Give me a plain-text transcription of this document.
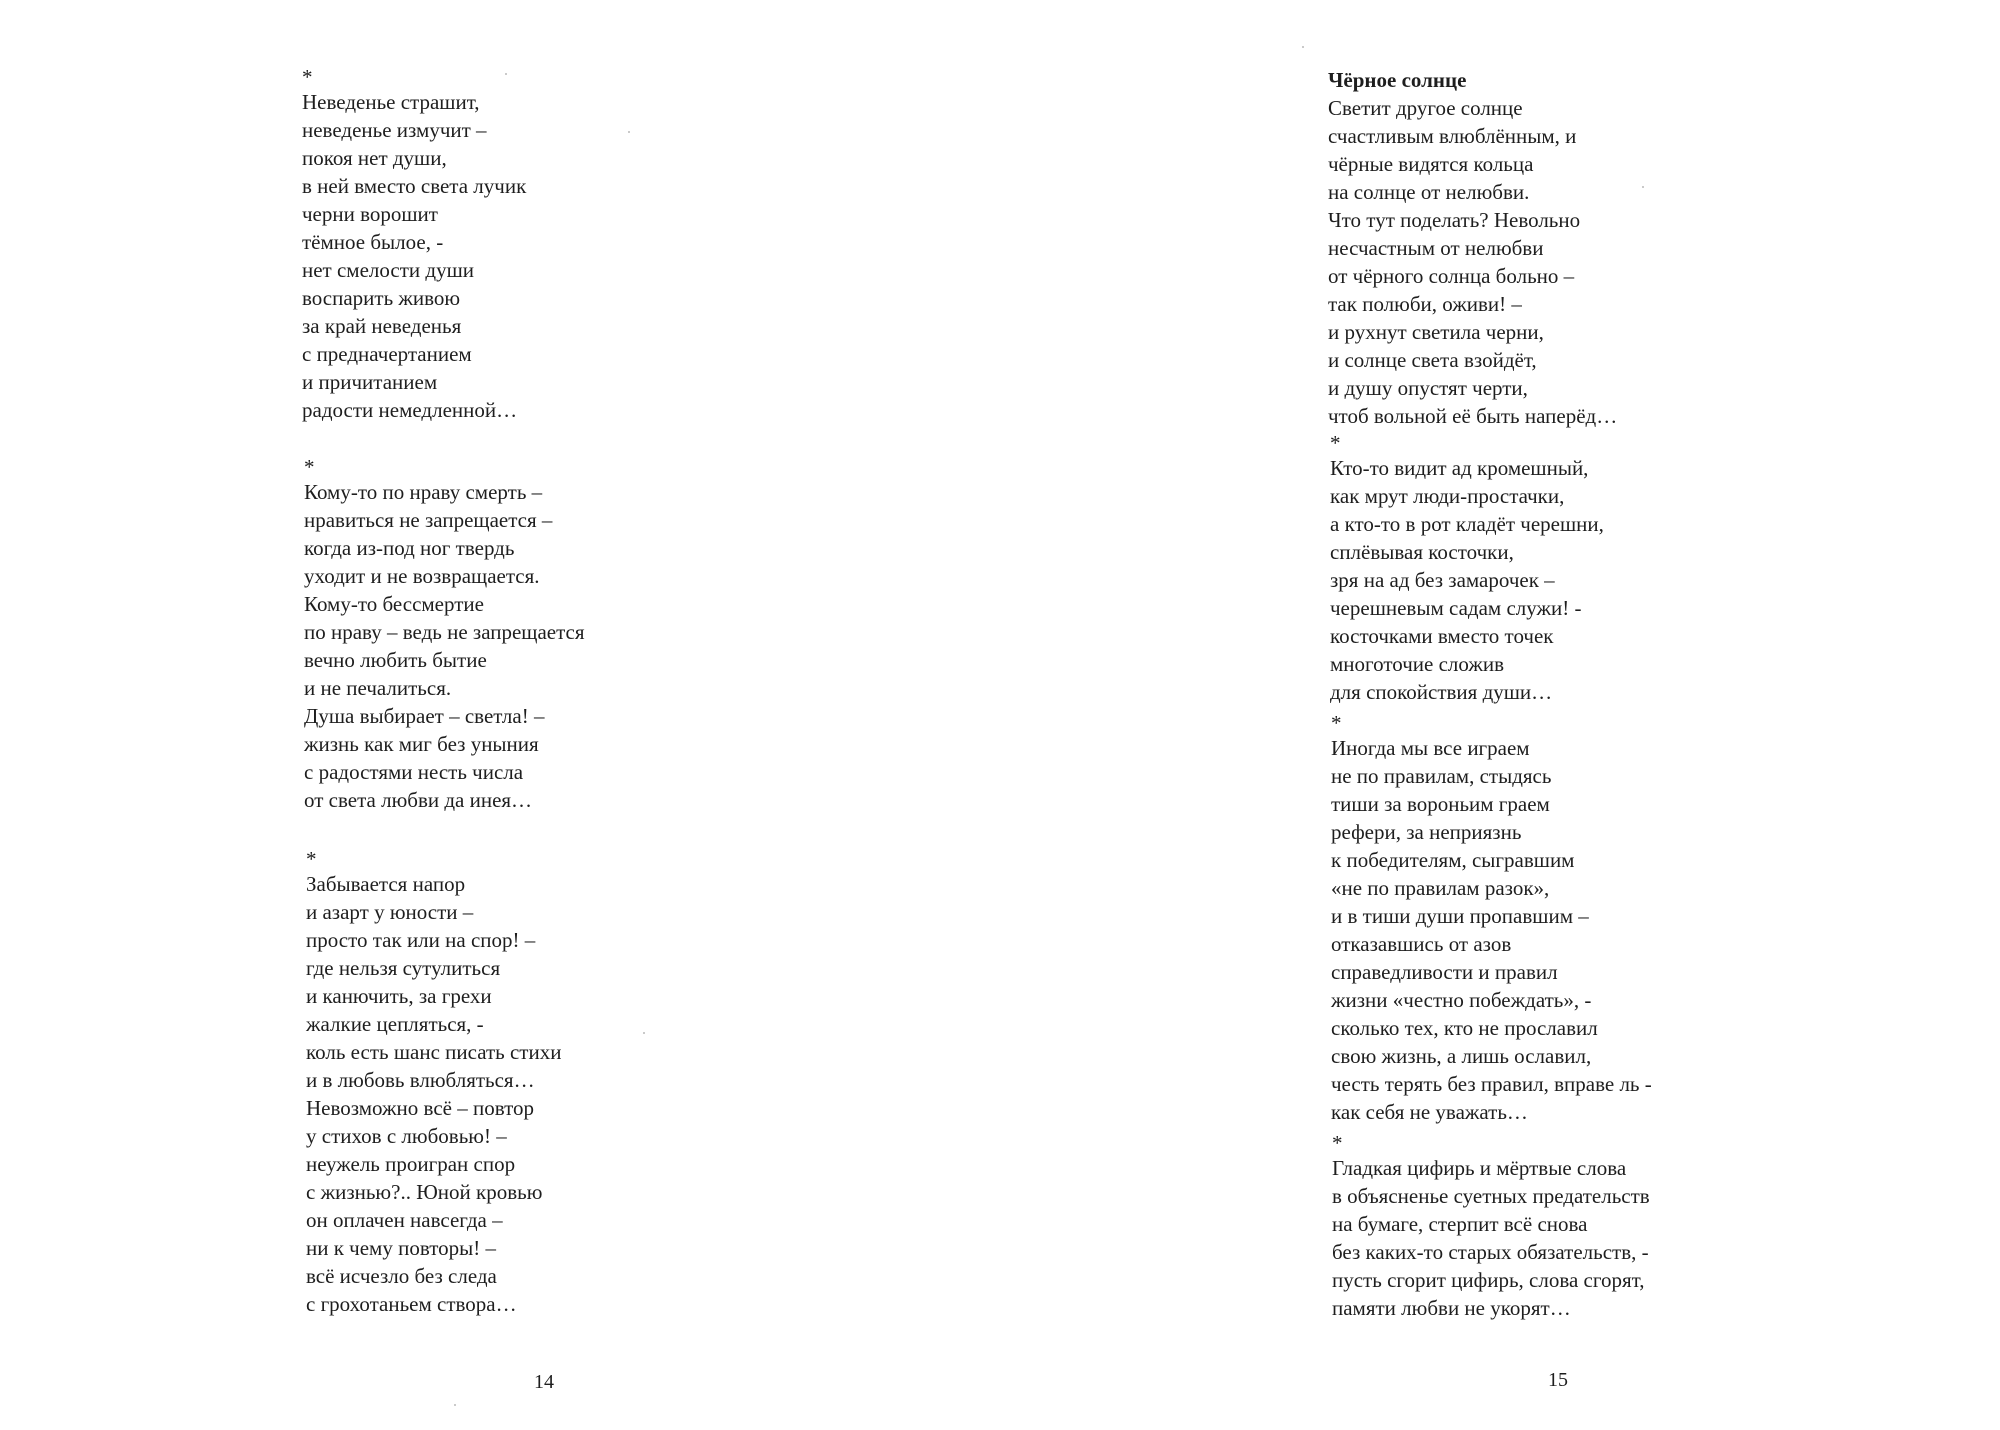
*
Неведенье страшит,
неведенье измучит –
покоя нет души,
в ней вместо света лучик
черни ворошит
тёмное былое, -
нет смелости души
воспарить живою
за край неведенья
с предначертанием
и причитанием
радости немедленной…
*
Кому-то по нраву смерть –
нравиться не запрещается –
когда из-под ног твердь
уходит и не возвращается.
Кому-то бессмертие
по нраву – ведь не запрещается
вечно любить бытие
и не печалиться.
Душа выбирает – светла! –
жизнь как миг без уныния
с радостями несть числа
от света любви да инея…
*
Забывается напор
и азарт у юности –
просто так или на спор! –
где нельзя сутулиться
и канючить, за грехи
жалкие цепляться, -
коль есть шанс писать стихи
и в любовь влюбляться…
Невозможно всё – повтор
у стихов с любовью! –
неужель проигран спор
с жизнью?.. Юной кровью
он оплачен навсегда –
ни к чему повторы! –
всё исчезло без следа
с грохотаньем створа…
14
Чёрное солнце
Светит другое солнце
счастливым влюблённым, и
чёрные видятся кольца
на солнце от нелюбви.
Что тут поделать? Невольно
несчастным от нелюбви
от чёрного солнца больно –
так полюби, оживи! –
и рухнут светила черни,
и солнце света взойдёт,
и душу опустят черти,
чтоб вольной её быть наперёд…
*
Кто-то видит ад кромешный,
как мрут люди-простачки,
а кто-то в рот кладёт черешни,
сплёвывая косточки,
зря на ад без замарочек –
черешневым садам служи! -
косточками вместо точек
многоточие сложив
для спокойствия души…
*
Иногда мы все играем
не по правилам, стыдясь
тиши за вороньим граем
рефери, за неприязнь
к победителям, сыгравшим
«не по правилам разок»,
и в тиши души пропавшим –
отказавшись от азов
справедливости и правил
жизни «честно побеждать», -
сколько тех, кто не прославил
свою жизнь, а лишь ославил,
честь терять без правил, вправе ль -
как себя не уважать…
*
Гладкая цифирь и мёртвые слова
в объясненье суетных предательств
на бумаге, стерпит всё снова
без каких-то старых обязательств, -
пусть сгорит цифирь, слова сгорят,
памяти любви не укорят…
15
